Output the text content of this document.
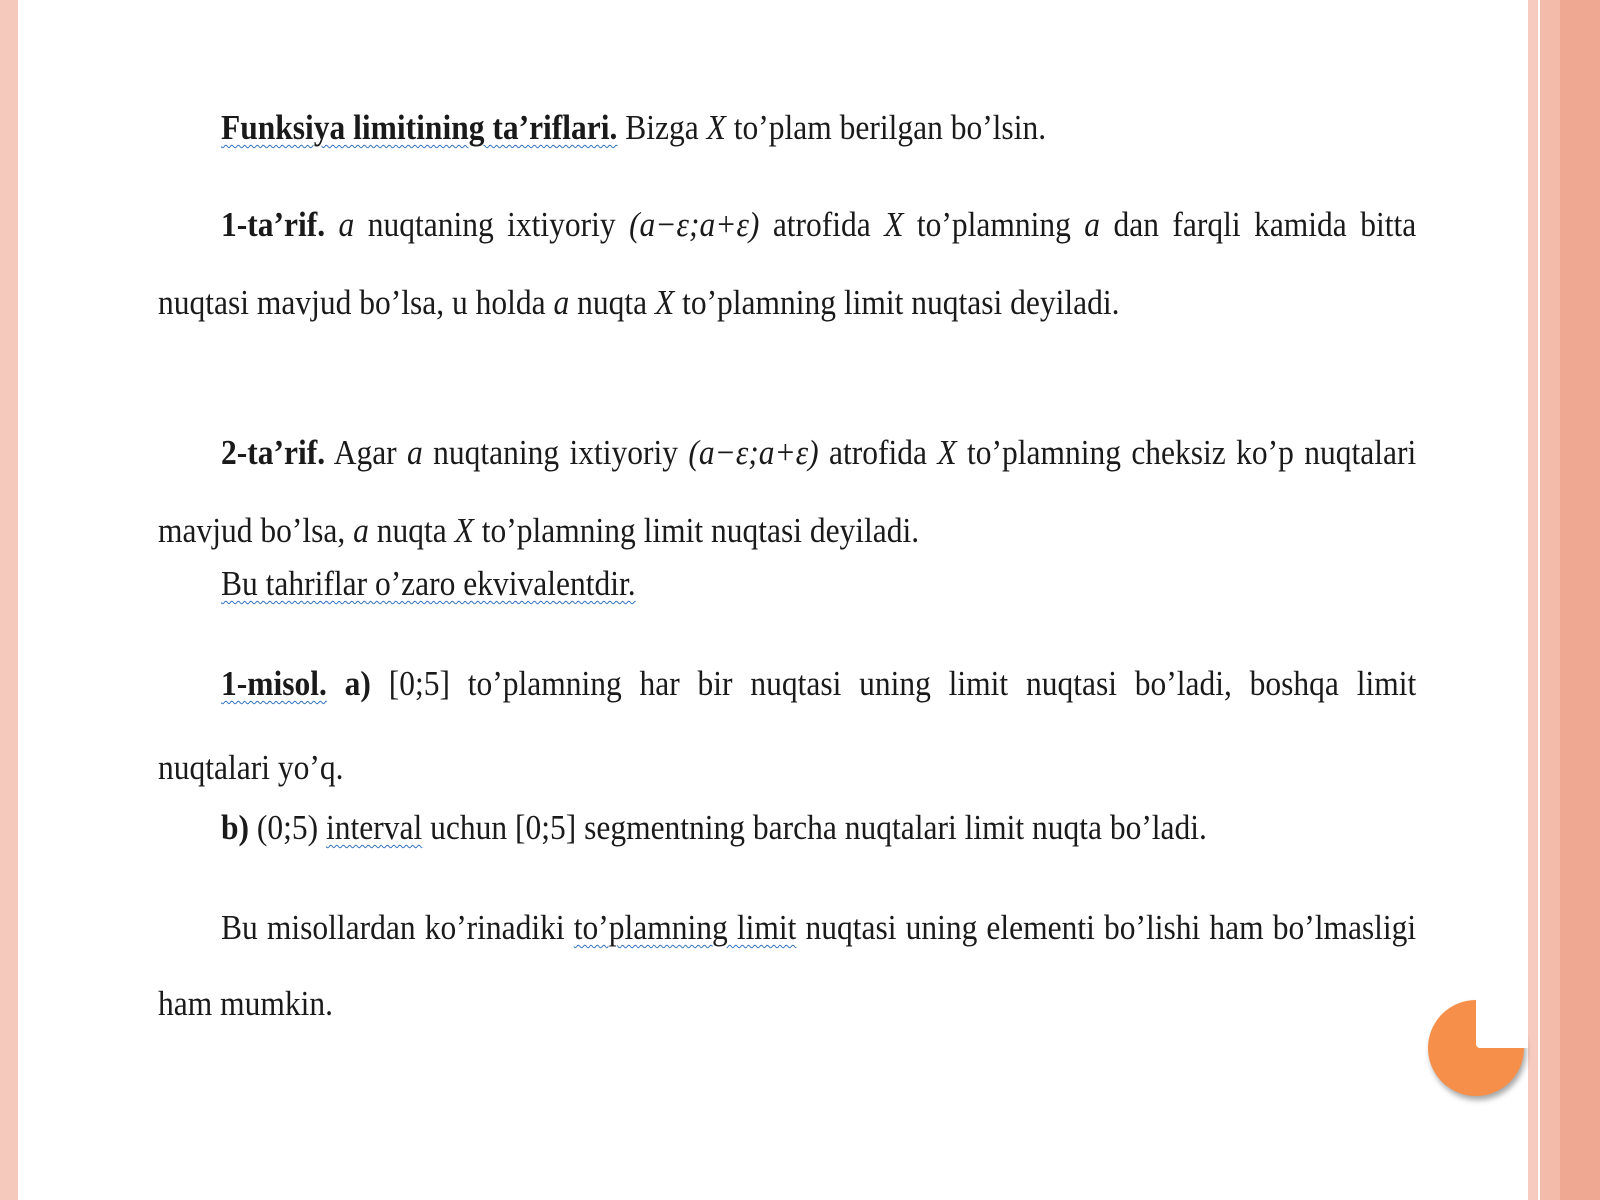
Funksiya limitining ta’riflari. Bizga X to’plam berilgan bo’lsin.

1-ta’rif. a nuqtaning ixtiyoriy (a−ε;a+ε) atrofida X to’plamning a dan farqli kamida bitta nuqtasi mavjud bo’lsa, u holda a nuqta X to’plamning limit nuqtasi deyiladi.

2-ta’rif. Agar a nuqtaning ixtiyoriy (a−ε;a+ε) atrofida X to’plamning cheksiz ko’p nuqtalari mavjud bo’lsa, a nuqta X to’plamning limit nuqtasi deyiladi.

Bu tahriflar o’zaro ekvivalentdir.

1-misol. a) [0;5] to’plamning har bir nuqtasi uning limit nuqtasi bo’ladi, boshqa limit nuqtalari yo’q.

b) (0;5) interval uchun [0;5] segmentning barcha nuqtalari limit nuqta bo’ladi.

Bu misollardan ko’rinadiki to’plamning limit nuqtasi uning elementi bo’lishi ham bo’lmasligi ham mumkin.
